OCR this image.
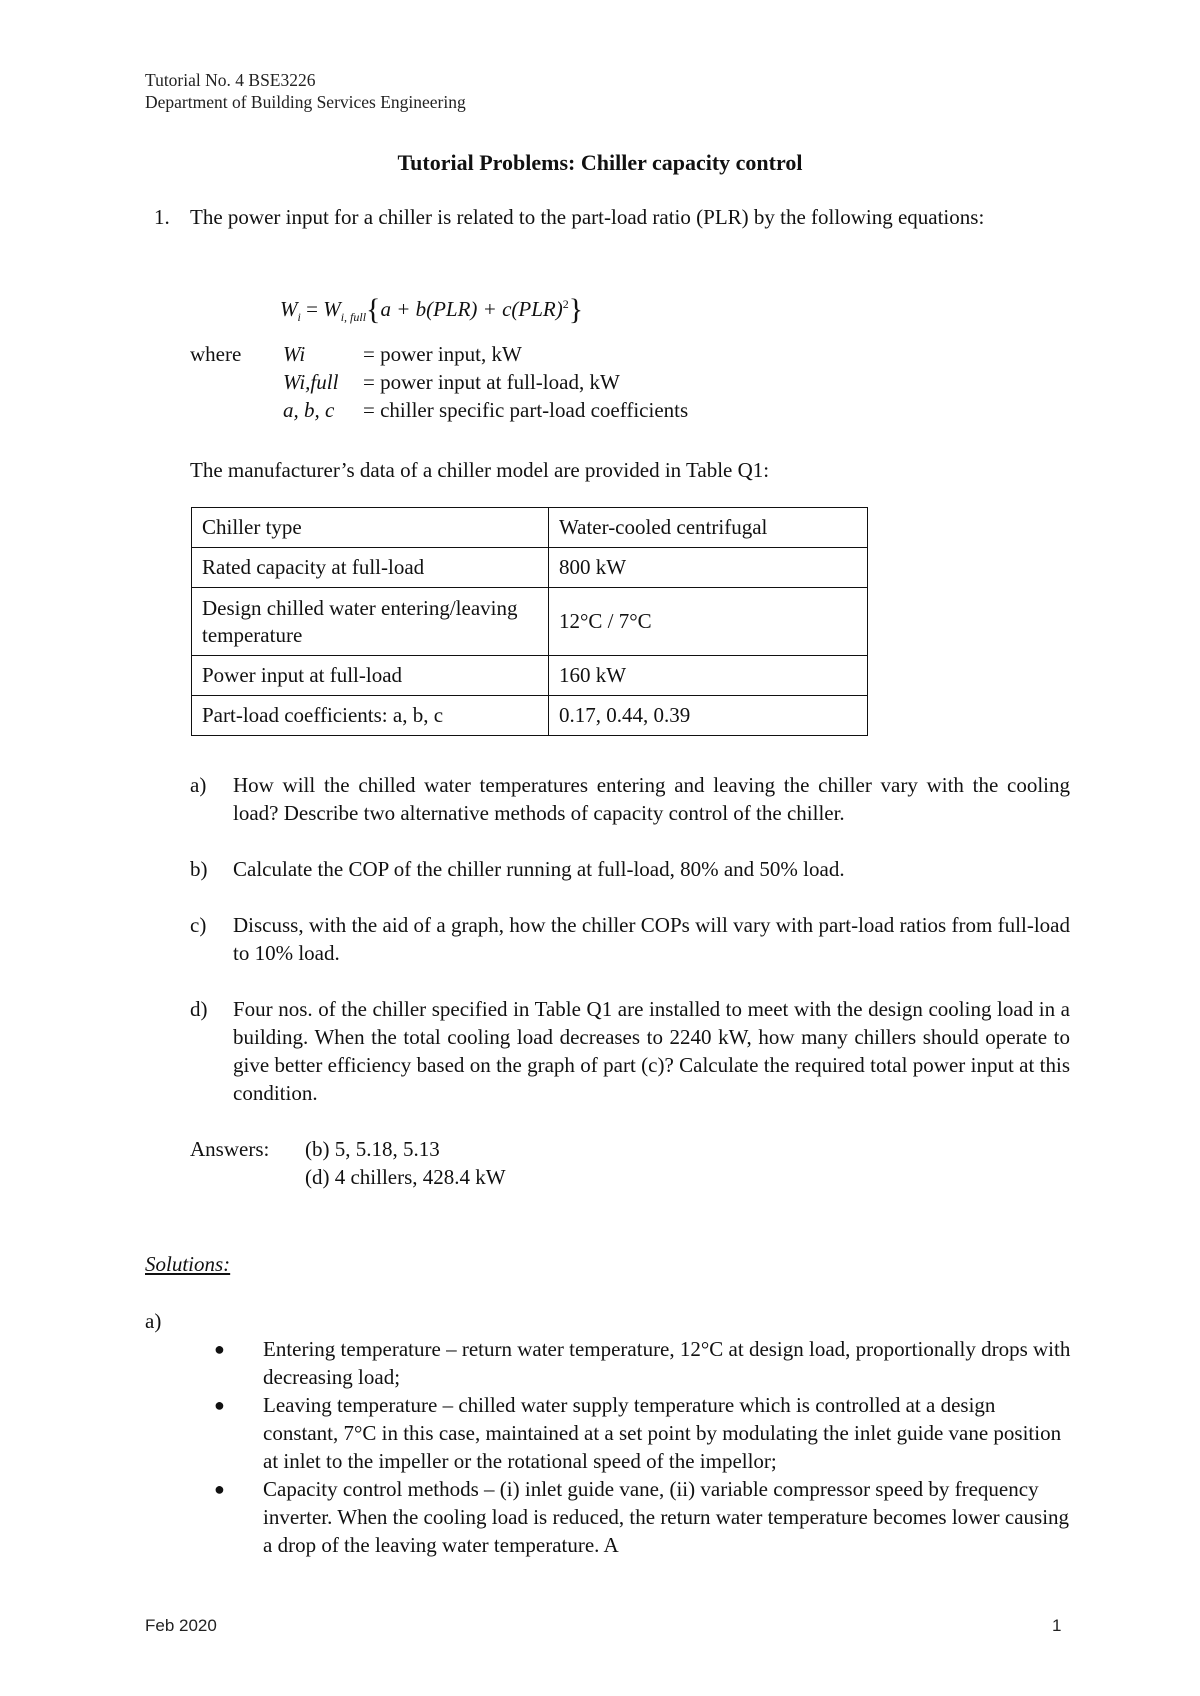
Tutorial No. 4 BSE3226
Department of Building Services Engineering
Tutorial Problems: Chiller capacity control
1. The power input for a chiller is related to the part-load ratio (PLR) by the following equations:
$W_i = W_{i, full}\{a + b(PLR) + c(PLR)^2\}$
where Wi	= power input, kW
Wi,full = power input at full-load, kW
a, b, c = chiller specific part-load coefficients
The manufacturer’s data of a chiller model are provided in Table Q1:
Chiller type	Water-cooled centrifugal
Rated capacity at full-load	800 kW
Design chilled water entering/leaving temperature	12°C / 7°C
Power input at full-load	160 kW
Part-load coefficients: a, b, c	0.17, 0.44, 0.39
a) How will the chilled water temperatures entering and leaving the chiller vary with the cooling load? Describe two alternative methods of capacity control of the chiller.
b) Calculate the COP of the chiller running at full-load, 80% and 50% load.
c) Discuss, with the aid of a graph, how the chiller COPs will vary with part-load ratios from full-load to 10% load.
d) Four nos. of the chiller specified in Table Q1 are installed to meet with the design cooling load in a building. When the total cooling load decreases to 2240 kW, how many chillers should operate to give better efficiency based on the graph of part (c)? Calculate the required total power input at this condition.
Answers: (b) 5, 5.18, 5.13
(d) 4 chillers, 428.4 kW
Solutions:
a)
● Entering temperature – return water temperature, 12°C at design load, proportionally drops with decreasing load;
● Leaving temperature – chilled water supply temperature which is controlled at a design constant, 7°C in this case, maintained at a set point by modulating the inlet guide vane position at inlet to the impeller or the rotational speed of the impellor;
● Capacity control methods – (i) inlet guide vane, (ii) variable compressor speed by frequency inverter. When the cooling load is reduced, the return water temperature becomes lower causing a drop of the leaving water temperature. A
Feb 2020	1
